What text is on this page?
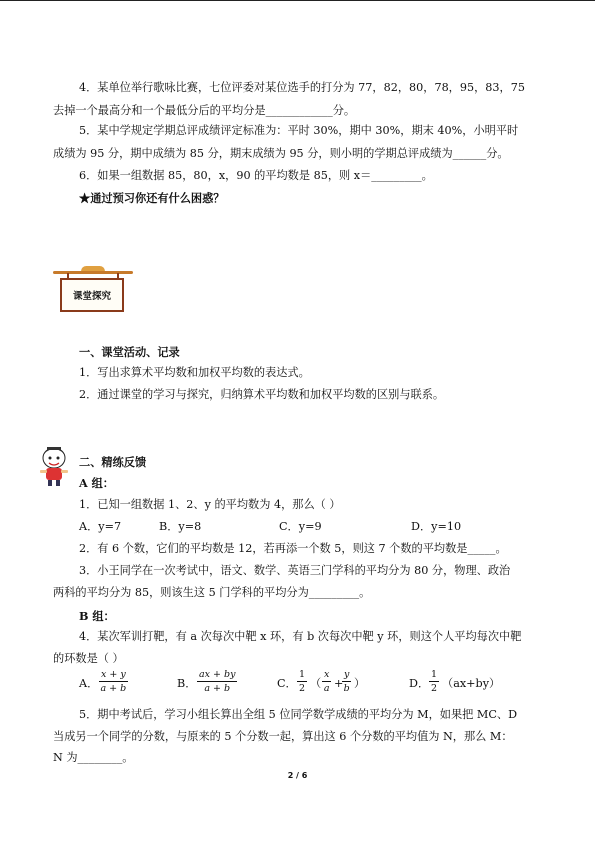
4．某单位举行歌咏比赛，七位评委对某位选手的打分为 77，82，80，78，95，83，75
去掉一个最高分和一个最低分后的平均分是____________分。
5．某中学规定学期总评成绩评定标准为：平时 30%，期中 30%，期末 40%，小明平时
成绩为 95 分，期中成绩为 85 分，期末成绩为 95 分，则小明的学期总评成绩为______分。
6．如果一组数据 85，80，x，90 的平均数是 85，则 x＝_________。
★通过预习你还有什么困惑？
课堂探究
一、课堂活动、记录
1．写出求算术平均数和加权平均数的表达式。
2．通过课堂的学习与探究，归纳算术平均数和加权平均数的区别与联系。
二、精练反馈
A 组：
1．已知一组数据 1、2、y 的平均数为 4，那么（ ）
A．y=7	B．y=8	C．y=9	D．y=10
2．有 6 个数，它们的平均数是 12，若再添一个数 5，则这 7 个数的平均数是_____。
3．小王同学在一次考试中，语文、数学、英语三门学科的平均分为 80 分，物理、政治
两科的平均分为 85，则该生这 5 门学科的平均分为_________。
B 组：
4．某次军训打靶，有 a 次每次中靶 x 环，有 b 次每次中靶 y 环，则这个人平均每次中靶
的环数是（ ）
A． $\frac{x + y}{a + b}$	B． $\frac{ax + by}{a + b}$	C． $\frac{1}{2}$ （ $\frac{x}{a}$ +
$\frac{y}{b}$ ）	D． $\frac{1}{2} (ax+by)$
5．期中考试后，学习小组长算出全组 5 位同学数学成绩的平均分为 M，如果把 MC、D
当成另一个同学的分数，与原来的 5 个分数一起，算出这 6 个分数的平均值为 N，那么 M：
N 为________。
2 / 6
